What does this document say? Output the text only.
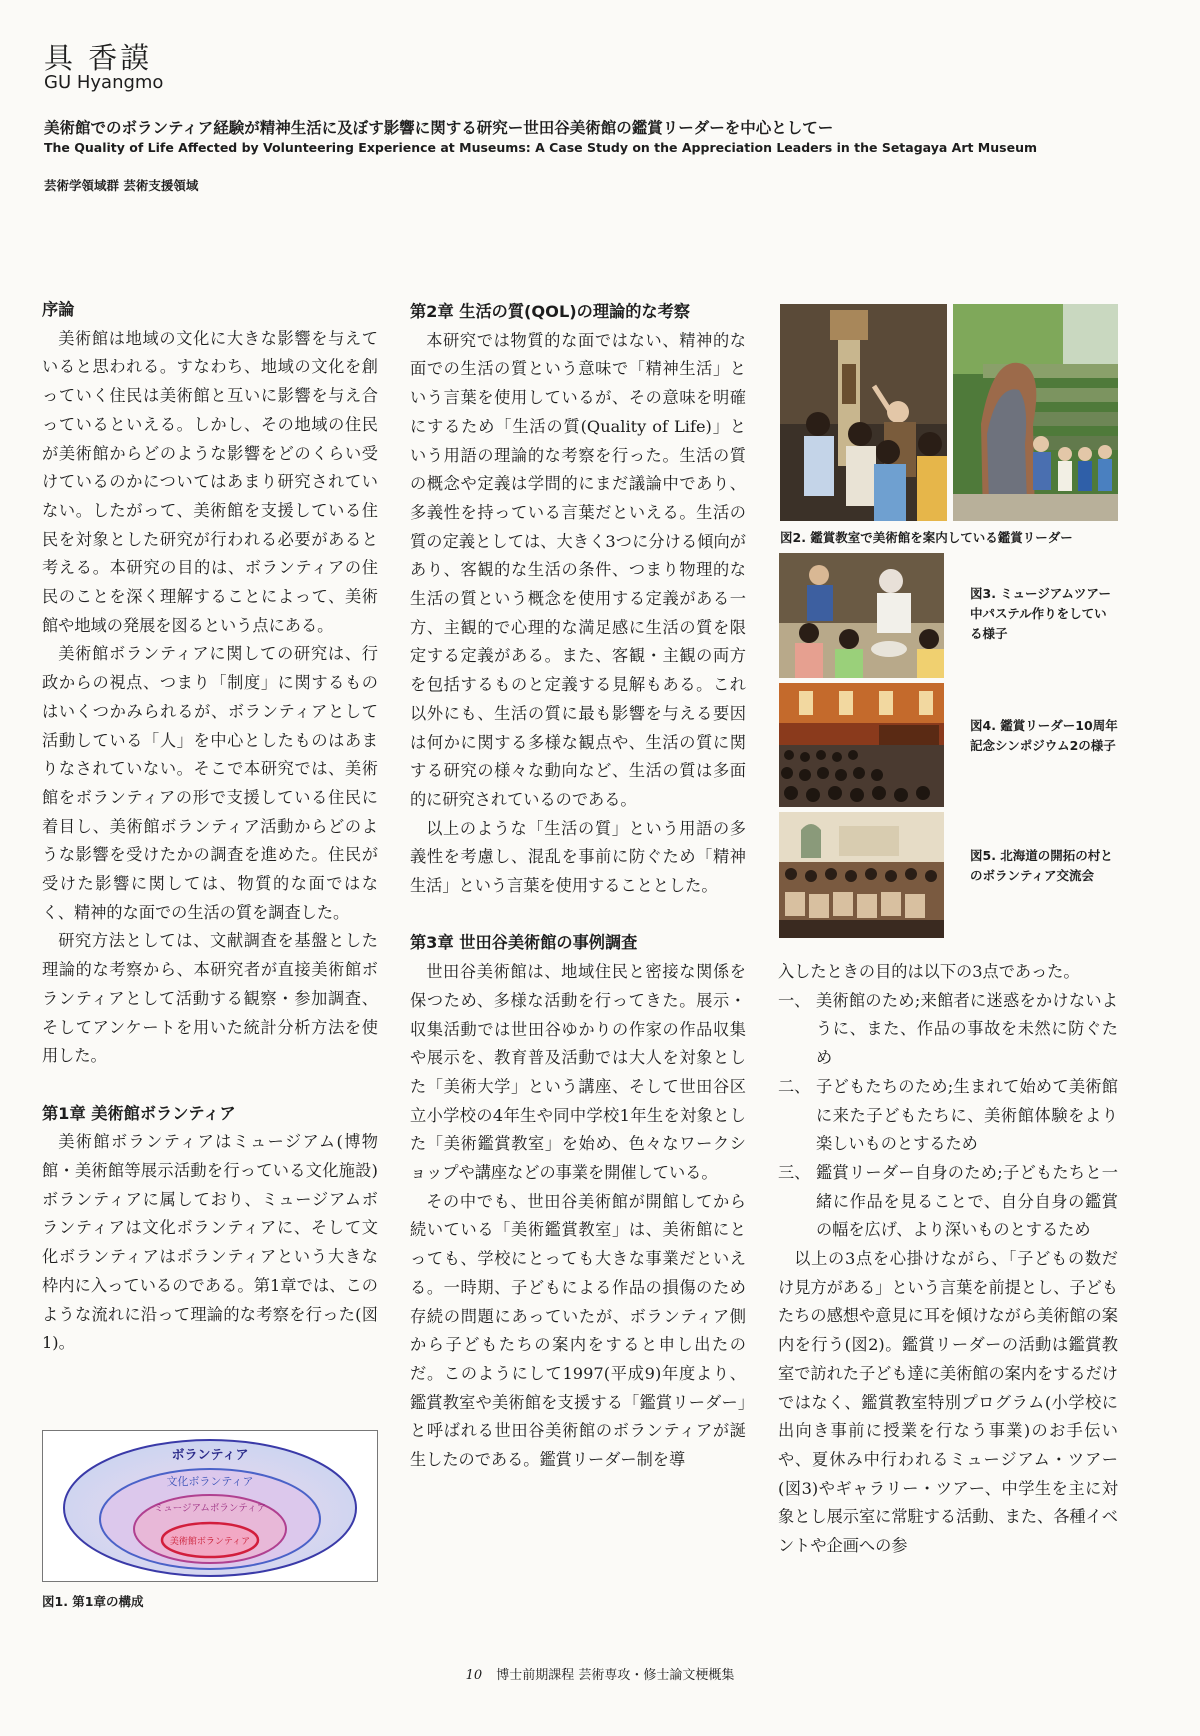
具 香謨
GU Hyangmo
美術館でのボランティア経験が精神生活に及ぼす影響に関する研究ー世田谷美術館の鑑賞リーダーを中心としてー
The Quality of Life Affected by Volunteering Experience at Museums: A Case Study on the Appreciation Leaders in the Setagaya Art Museum
芸術学領域群 芸術支援領域
序論

美術館は地域の文化に大きな影響を与えていると思われる。すなわち、地域の文化を創っていく住民は美術館と互いに影響を与え合っているといえる。しかし、その地域の住民が美術館からどのような影響をどのくらい受けているのかについてはあまり研究されていない。したがって、美術館を支援している住民を対象とした研究が行われる必要があると考える。本研究の目的は、ボランティアの住民のことを深く理解することによって、美術館や地域の発展を図るという点にある。

美術館ボランティアに関しての研究は、行政からの視点、つまり「制度」に関するものはいくつかみられるが、ボランティアとして活動している「人」を中心としたものはあまりなされていない。そこで本研究では、美術館をボランティアの形で支援している住民に着目し、美術館ボランティア活動からどのような影響を受けたかの調査を進めた。住民が受けた影響に関しては、物質的な面ではなく、精神的な面での生活の質を調査した。

研究方法としては、文献調査を基盤とした理論的な考察から、本研究者が直接美術館ボランティアとして活動する観察・参加調査、そしてアンケートを用いた統計分析方法を使用した。

第1章 美術館ボランティア

美術館ボランティアはミュージアム(博物館・美術館等展示活動を行っている文化施設)ボランティアに属しており、ミュージアムボランティアは文化ボランティアに、そして文化ボランティアはボランティアという大きな枠内に入っているのである。第1章では、このような流れに沿って理論的な考察を行った(図1)。

ボランティア
文化ボランティア
ミュージアムボランティア
美術館ボランティア
図1. 第1章の構成
第2章 生活の質(QOL)の理論的な考察

本研究では物質的な面ではない、精神的な面での生活の質という意味で「精神生活」という言葉を使用しているが、その意味を明確にするため「生活の質(Quality of Life)」という用語の理論的な考察を行った。生活の質の概念や定義は学問的にまだ議論中であり、多義性を持っている言葉だといえる。生活の質の定義としては、大きく3つに分ける傾向があり、客観的な生活の条件、つまり物理的な生活の質という概念を使用する定義がある一方、主観的で心理的な満足感に生活の質を限定する定義がある。また、客観・主観の両方を包括するものと定義する見解もある。これ以外にも、生活の質に最も影響を与える要因は何かに関する多様な観点や、生活の質に関する研究の様々な動向など、生活の質は多面的に研究されているのである。

以上のような「生活の質」という用語の多義性を考慮し、混乱を事前に防ぐため「精神生活」という言葉を使用することとした。

第3章 世田谷美術館の事例調査

世田谷美術館は、地域住民と密接な関係を保つため、多様な活動を行ってきた。展示・収集活動では世田谷ゆかりの作家の作品収集や展示を、教育普及活動では大人を対象とした「美術大学」という講座、そして世田谷区立小学校の4年生や同中学校1年生を対象とした「美術鑑賞教室」を始め、色々なワークショップや講座などの事業を開催している。

その中でも、世田谷美術館が開館してから続いている「美術鑑賞教室」は、美術館にとっても、学校にとっても大きな事業だといえる。一時期、子どもによる作品の損傷のため存続の問題にあっていたが、ボランティア側から子どもたちの案内をすると申し出たのだ。このようにして1997(平成9)年度より、鑑賞教室や美術館を支援する「鑑賞リーダー」と呼ばれる世田谷美術館のボランティアが誕生したのである。鑑賞リーダー制を導

図2. 鑑賞教室で美術館を案内している鑑賞リーダー
図3. ミュージアムツアー中パステル作りをしている様子
図4. 鑑賞リーダー10周年記念シンポジウム2の様子
図5. 北海道の開拓の村とのボランティア交流会

入したときの目的は以下の3点であった。

一、 美術館のため;来館者に迷惑をかけないように、また、作品の事故を未然に防ぐため
二、 子どもたちのため;生まれて始めて美術館に来た子どもたちに、美術館体験をより楽しいものとするため
三、 鑑賞リーダー自身のため;子どもたちと一緒に作品を見ることで、自分自身の鑑賞の幅を広げ、より深いものとするため

以上の3点を心掛けながら、「子どもの数だけ見方がある」という言葉を前提とし、子どもたちの感想や意見に耳を傾けながら美術館の案内を行う(図2)。鑑賞リーダーの活動は鑑賞教室で訪れた子ども達に美術館の案内をするだけではなく、鑑賞教室特別プログラム(小学校に出向き事前に授業を行なう事業)のお手伝いや、夏休み中行われるミュージアム・ツアー(図3)やギャラリー・ツアー、中学生を主に対象とし展示室に常駐する活動、また、各種イベントや企画への参

10 博士前期課程 芸術専攻・修士論文梗概集
